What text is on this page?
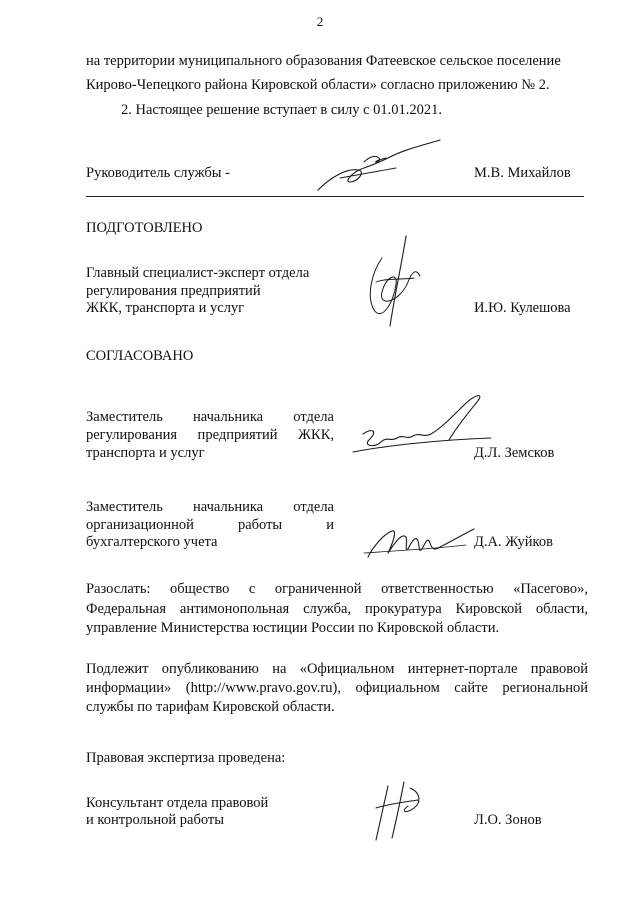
2
на территории муниципального образования Фатеевское сельское поселение
Кирово-Чепецкого района Кировской области» согласно приложению № 2.
2. Настоящее решение вступает в силу с 01.01.2021.
Руководитель службы -	М.В. Михайлов
ПОДГОТОВЛЕНО
Главный специалист-эксперт отдела
регулирования предприятий
ЖКК, транспорта и услуг	И.Ю. Кулешова
СОГЛАСОВАНО
Заместитель начальника отдела
регулирования предприятий ЖКК,
транспорта и услуг	Д.Л. Земсков
Заместитель начальника отдела
организационной работы и
бухгалтерского учета	Д.А. Жуйков
Разослать: общество с ограниченной ответственностью «Пасегово»,
Федеральная антимонопольная служба, прокуратура Кировской области,
управление Министерства юстиции России по Кировской области.
Подлежит опубликованию на «Официальном интернет-портале правовой
информации» (http://www.pravo.gov.ru), официальном сайте региональной
службы по тарифам Кировской области.
Правовая экспертиза проведена:
Консультант отдела правовой
и контрольной работы	Л.О. Зонов
